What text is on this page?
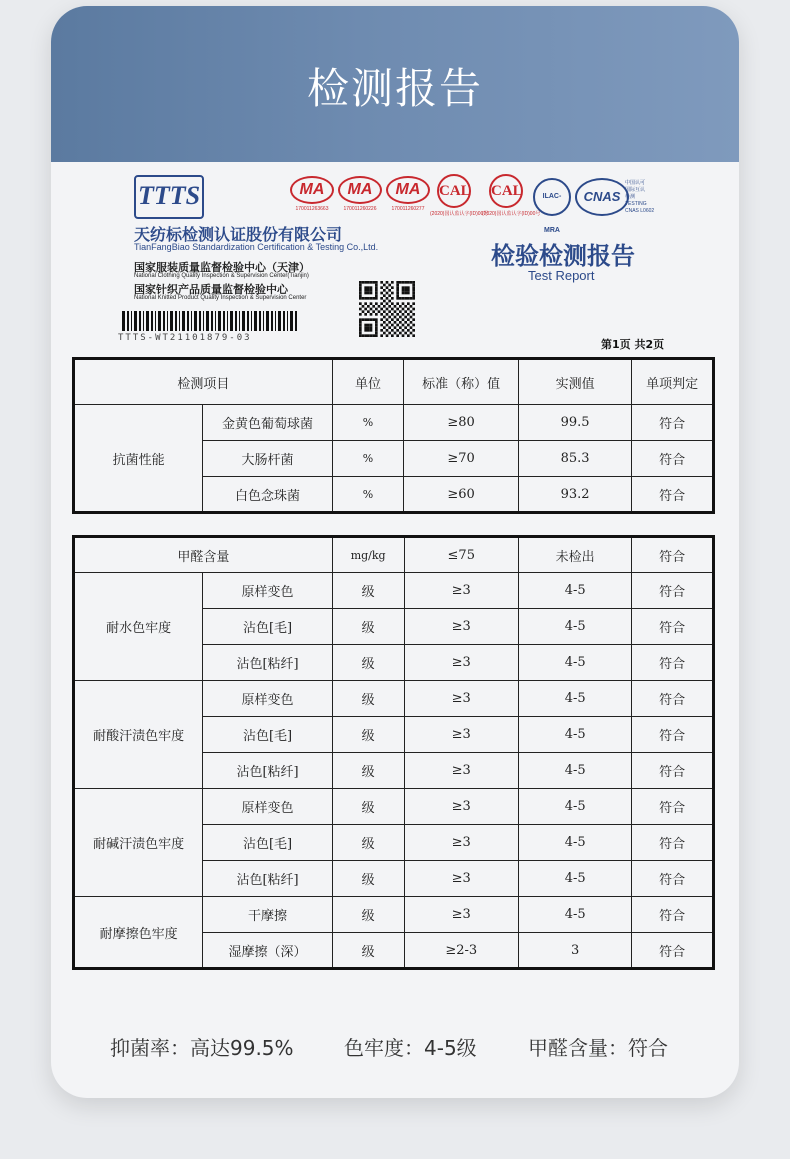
检测报告
TTTS
天纺标检测认证股份有限公司
TianFangBiao Standardization Certification & Testing Co.,Ltd.
国家服装质量监督检验中心（天津）
National Clothing Quality Inspection & Supervision Center(Tianjin)
国家针织产品质量监督检验中心
National Knitted Product Quality Inspection & Supervision Center
TTTS-WT21101879-03
MA
170011263663
MA
170011260226
MA
170011260277
CAL
(2020)国认监认字(ID)00号
CAL
(2020)国认监认字(ID)00号
ILAC-MRA
CNAS
中国认可
国际互认
检测
TESTING
CNAS L0602
检验检测报告
Test Report
第1页 共2页
检测项目		单位	标准（称）值	实测值	单项判定
抗菌性能	金黄色葡萄球菌	%	≥80	99.5	符合
	大肠杆菌	%	≥70	85.3	符合
	白色念珠菌	%	≥60	93.2	符合
甲醛含量		mg/kg	≤75	未检出	符合
耐水色牢度	原样变色	级	≥3	4-5	符合
	沾色[毛]	级	≥3	4-5	符合
	沾色[粘纤]	级	≥3	4-5	符合
耐酸汗渍色牢度	原样变色	级	≥3	4-5	符合
	沾色[毛]	级	≥3	4-5	符合
	沾色[粘纤]	级	≥3	4-5	符合
耐碱汗渍色牢度	原样变色	级	≥3	4-5	符合
	沾色[毛]	级	≥3	4-5	符合
	沾色[粘纤]	级	≥3	4-5	符合
耐摩擦色牢度	干摩擦	级	≥3	4-5	符合
	湿摩擦（深）	级	≥2-3	3	符合
抑菌率：高达99.5%	色牢度：4-5级	甲醛含量：符合
